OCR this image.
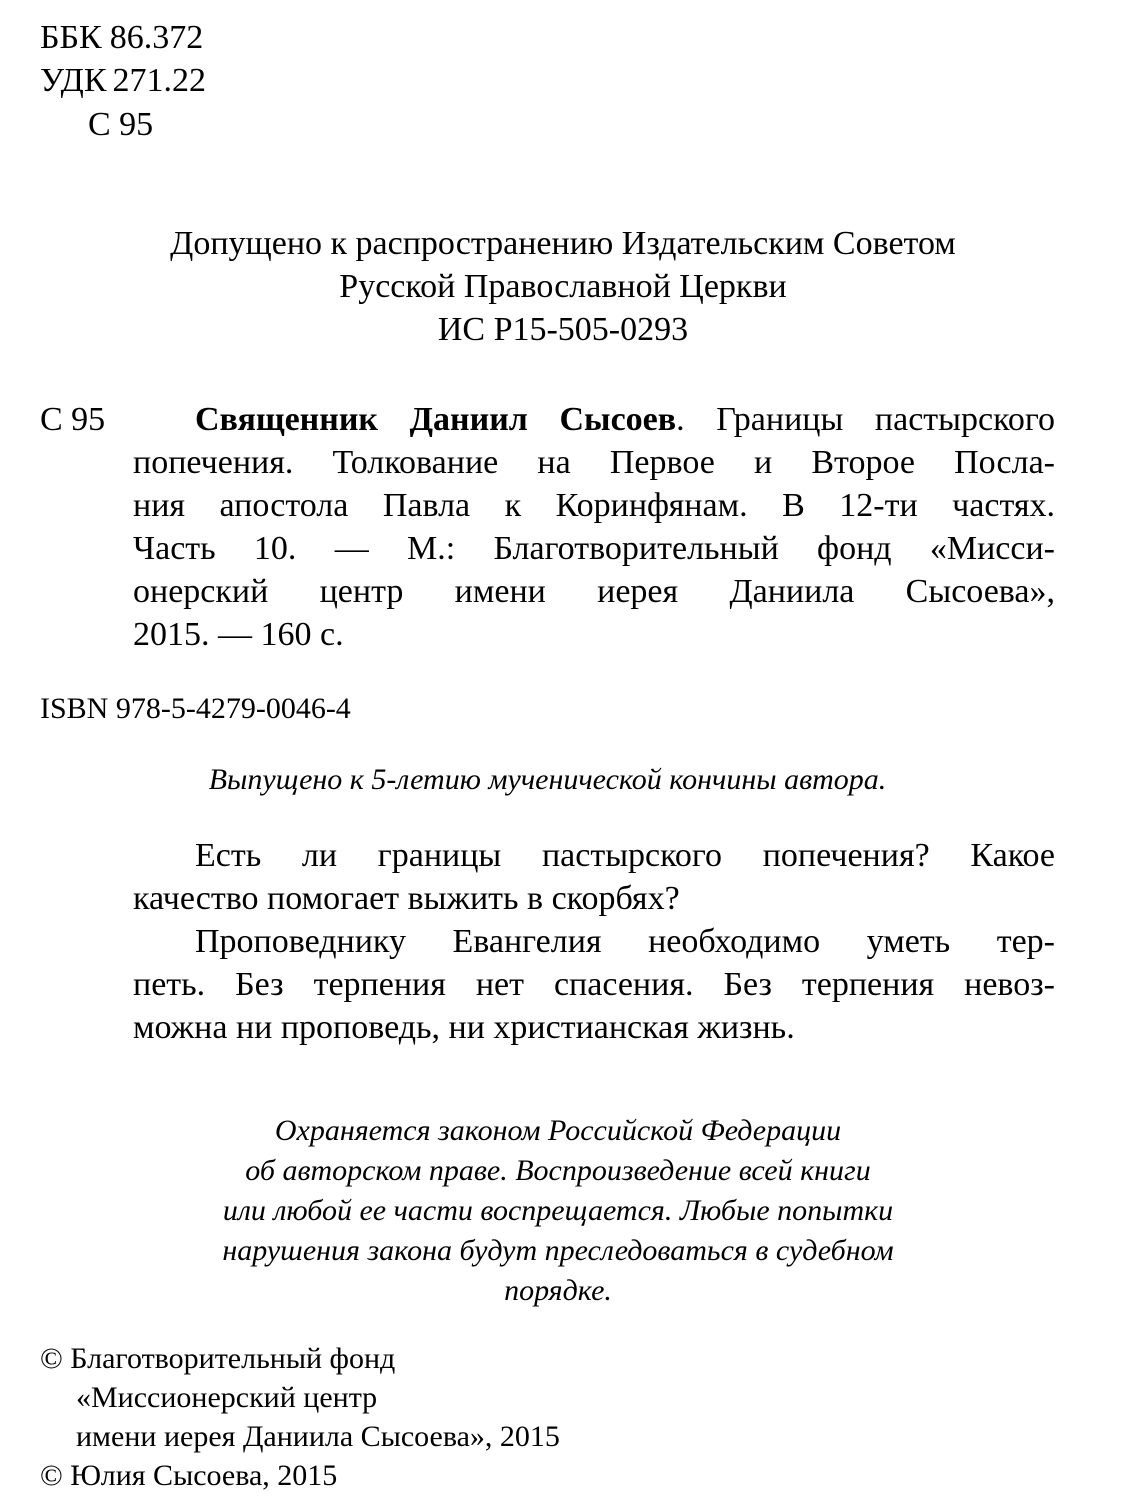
ББК 86.372
УДК 271.22
С 95
Допущено к распространению Издательским Советом
Русской Православной Церкви
ИС Р15-505-0293
С 95	Священник Даниил Сысоев. Границы пастырского
попечения. Толкование на Первое и Второе Посла-
ния апостола Павла к Коринфянам. В 12-ти частях.
Часть 10. — М.: Благотворительный фонд «Мисси-
онерский центр имени иерея Даниила Сысоева»,
2015. — 160 с.
ISBN 978-5-4279-0046-4
Выпущено к 5-летию мученической кончины автора.
Есть ли границы пастырского попечения? Какое
качество помогает выжить в скорбях?
Проповеднику Евангелия необходимо уметь тер-
петь. Без терпения нет спасения. Без терпения невоз-
можна ни проповедь, ни христианская жизнь.
Охраняется законом Российской Федерации
об авторском праве. Воспроизведение всей книги
или любой ее части воспрещается. Любые попытки
нарушения закона будут преследоваться в судебном
порядке.
© Благотворительный фонд
«Миссионерский центр
имени иерея Даниила Сысоева», 2015
© Юлия Сысоева, 2015
